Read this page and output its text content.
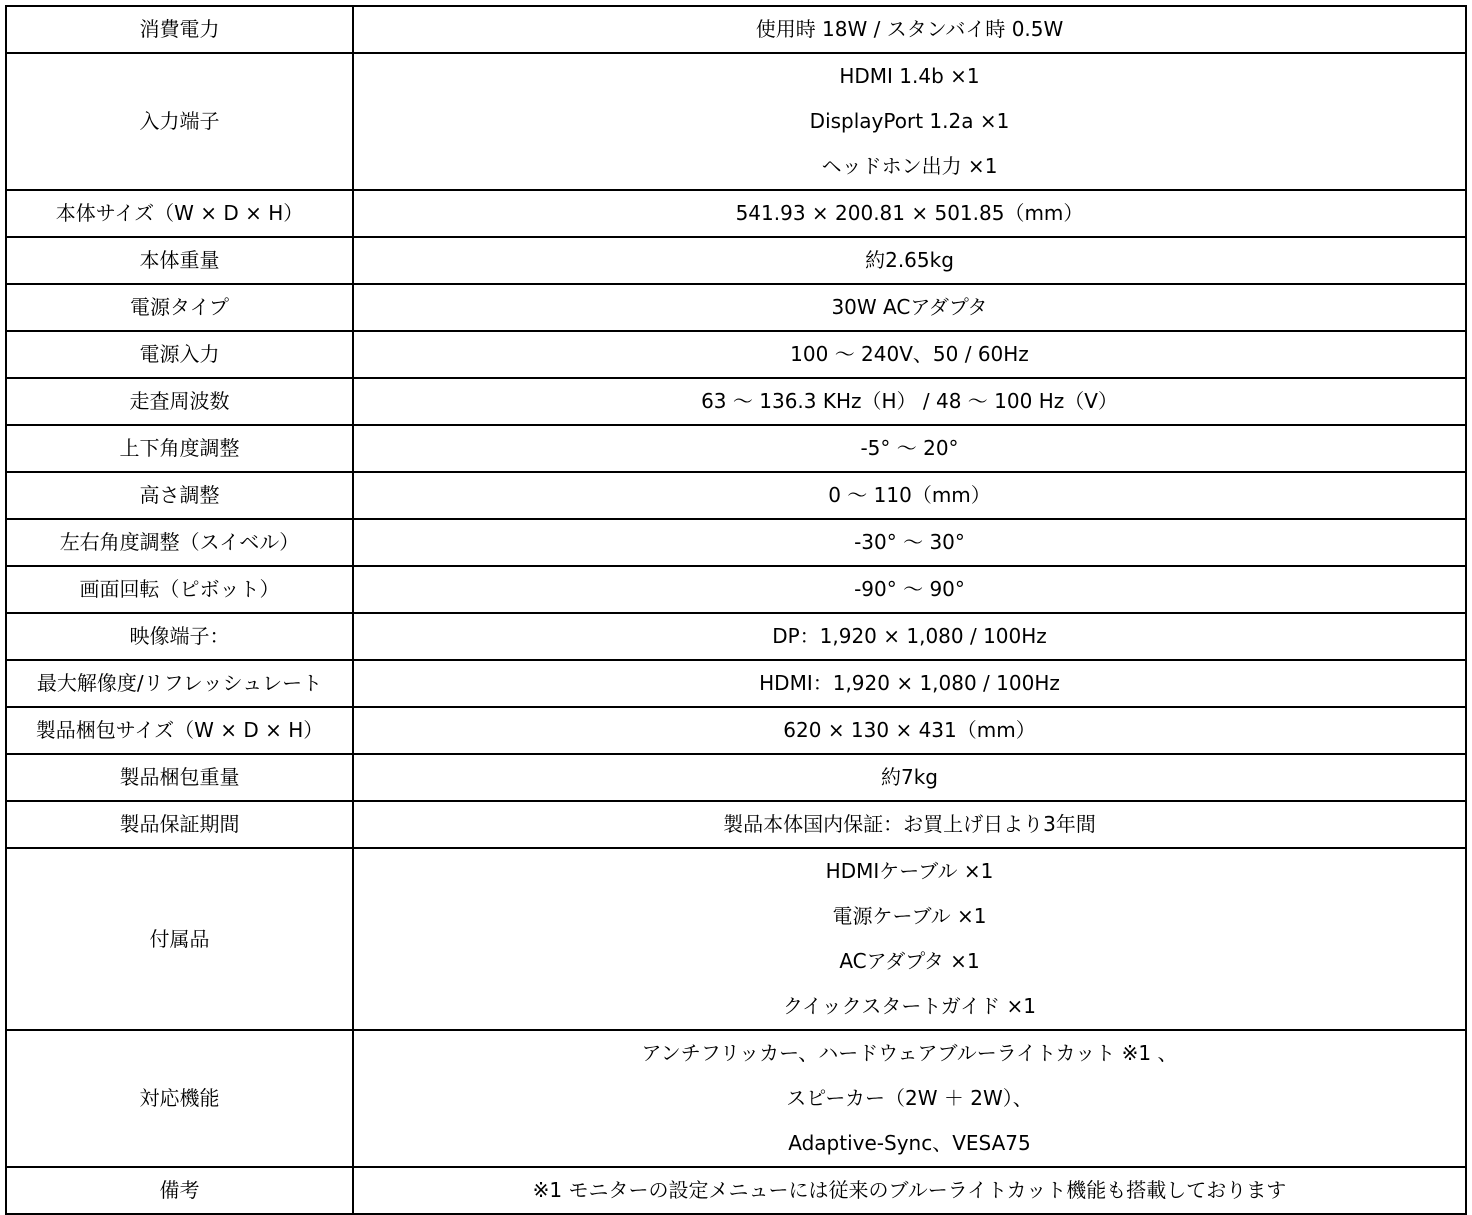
消費電力	使用時 18W / スタンバイ時 0.5W

入力端子	HDMI 1.4b ×1
DisplayPort 1.2a ×1
ヘッドホン出力 ×1

本体サイズ（W × D × H）	541.93 × 200.81 × 501.85（mm）

本体重量	約2.65kg

電源タイプ	30W ACアダプタ

電源入力	100 ～ 240V、50 / 60Hz

走査周波数	63 ～ 136.3 KHz（H） / 48 ～ 100 Hz（V）

上下角度調整	-5° ～ 20°

高さ調整	0 ～ 110（mm）

左右角度調整（スイベル）	-30° ～ 30°

画面回転（ピボット）	-90° ～ 90°

映像端子：	DP：1,920 × 1,080 / 100Hz

最大解像度/リフレッシュレート	HDMI：1,920 × 1,080 / 100Hz

製品梱包サイズ（W × D × H）	620 × 130 × 431（mm）

製品梱包重量	約7kg

製品保証期間	製品本体国内保証：お買上げ日より3年間

付属品	HDMIケーブル ×1
電源ケーブル ×1
ACアダプタ ×1
クイックスタートガイド ×1

対応機能	アンチフリッカー、ハードウェアブルーライトカット ※1 、
スピーカー（2W ＋ 2W）、
Adaptive-Sync、VESA75

備考	※1 モニターの設定メニューには従来のブルーライトカット機能も搭載しております
